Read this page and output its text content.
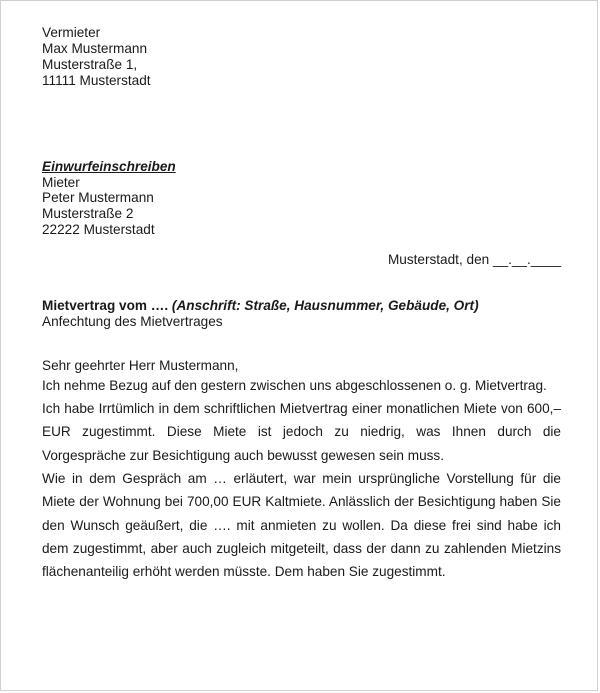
Vermieter
Max Mustermann
Musterstraße 1,
11111 Musterstadt
Einwurfeinschreiben
Mieter
Peter Mustermann
Musterstraße 2
22222 Musterstadt
Musterstadt, den __.__.____
Mietvertrag vom …. (Anschrift: Straße, Hausnummer, Gebäude, Ort)
Anfechtung des Mietvertrages
Sehr geehrter Herr Mustermann,

Ich nehme Bezug auf den gestern zwischen uns abgeschlossenen o. g. Mietvertrag.

Ich habe Irrtümlich in dem schriftlichen Mietvertrag einer monatlichen Miete von 600,– EUR zugestimmt. Diese Miete ist jedoch zu niedrig, was Ihnen durch die Vorgespräche zur Besichtigung auch bewusst gewesen sein muss.

Wie in dem Gespräch am … erläutert, war mein ursprüngliche Vorstellung für die Miete der Wohnung bei 700,00 EUR Kaltmiete. Anlässlich der Besichtigung haben Sie den Wunsch geäußert, die …. mit anmieten zu wollen. Da diese frei sind habe ich dem zugestimmt, aber auch zugleich mitgeteilt, dass der dann zu zahlenden Mietzins flächenanteilig erhöht werden müsste. Dem haben Sie zugestimmt.
